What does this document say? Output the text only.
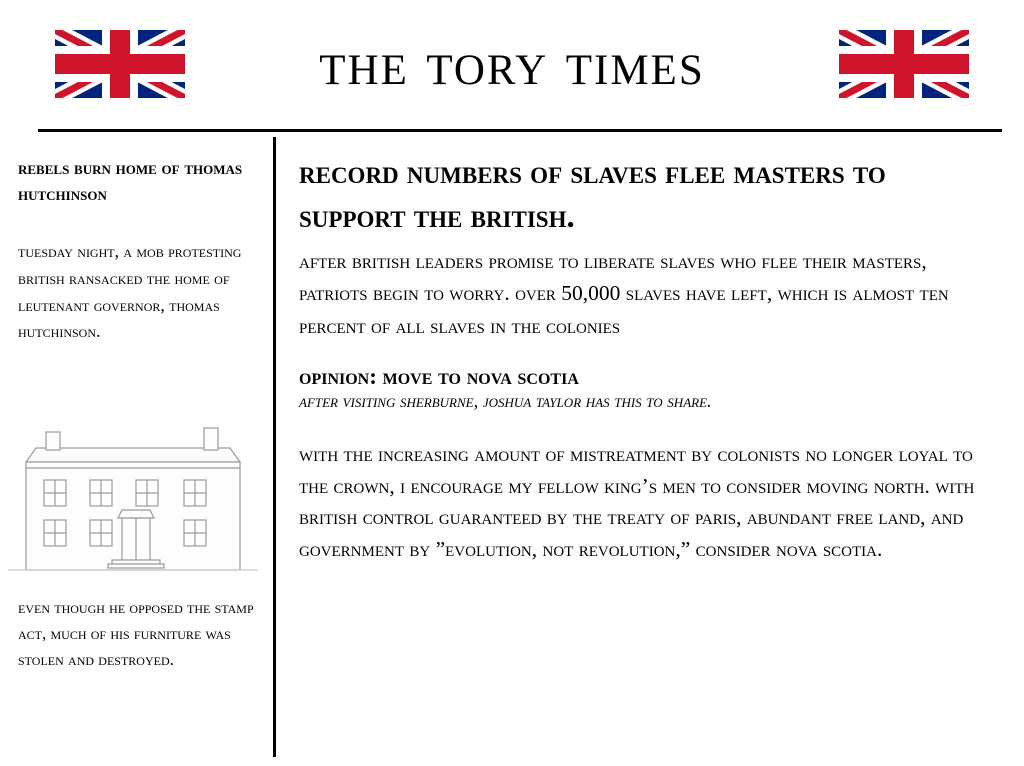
the tory times
rebels burn home of thomas hutchinson
tuesday night, a mob protesting british ransacked the home of leutenant governor, thomas hutchinson.
even though he opposed the stamp act, much of his furniture was stolen and destroyed.
record numbers of slaves flee masters to support the british.
after british leaders promise to liberate slaves who flee their masters, patriots begin to worry. over 50,000 slaves have left, which is almost ten percent of all slaves in the colonies
opinion: move to nova scotia
after visiting sherburne, joshua taylor has this to share.
with the increasing amount of mistreatment by colonists no longer loyal to the crown, i encourage my fellow king’s men to consider moving north. with british control guaranteed by the treaty of paris, abundant free land, and government by ”evolution, not revolution,” consider nova scotia.
